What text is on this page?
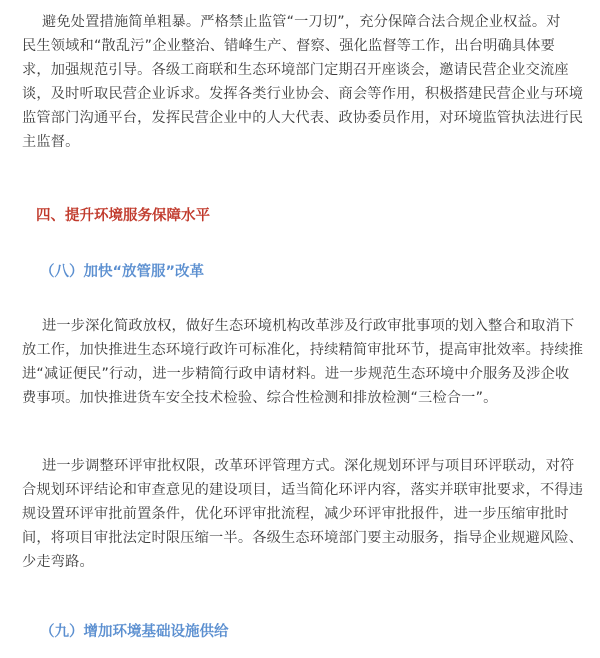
避免处置措施简单粗暴。严格禁止监管“一刀切”，充分保障合法合规企业权益。对
民生领域和“散乱污”企业整治、错峰生产、督察、强化监督等工作，出台明确具体要
求，加强规范引导。各级工商联和生态环境部门定期召开座谈会，邀请民营企业交流座
谈，及时听取民营企业诉求。发挥各类行业协会、商会等作用，积极搭建民营企业与环境
监管部门沟通平台，发挥民营企业中的人大代表、政协委员作用，对环境监管执法进行民
主监督。
四、提升环境服务保障水平
（八）加快“放管服”改革
进一步深化简政放权，做好生态环境机构改革涉及行政审批事项的划入整合和取消下
放工作，加快推进生态环境行政许可标准化，持续精简审批环节，提高审批效率。持续推
进“减证便民”行动，进一步精简行政申请材料。进一步规范生态环境中介服务及涉企收
费事项。加快推进货车安全技术检验、综合性检测和排放检测“三检合一”。
进一步调整环评审批权限，改革环评管理方式。深化规划环评与项目环评联动，对符
合规划环评结论和审查意见的建设项目，适当简化环评内容，落实并联审批要求，不得违
规设置环评审批前置条件，优化环评审批流程，减少环评审批报件，进一步压缩审批时
间，将项目审批法定时限压缩一半。各级生态环境部门要主动服务，指导企业规避风险、
少走弯路。
（九）增加环境基础设施供给
